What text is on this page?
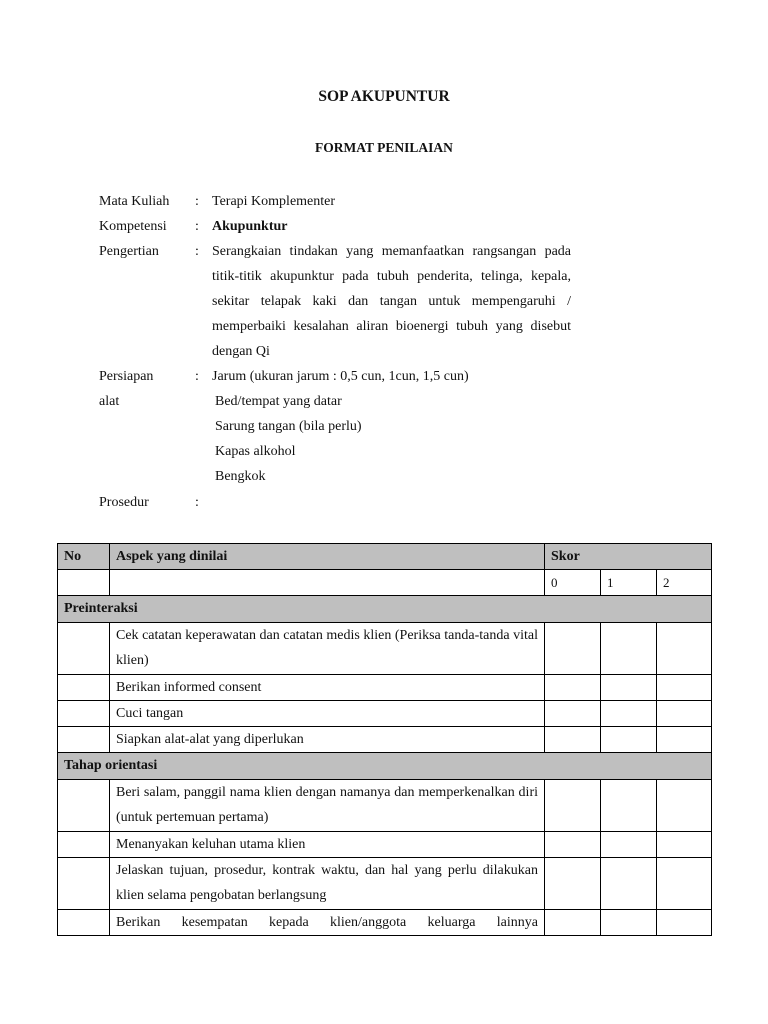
SOP AKUPUNTUR
FORMAT PENILAIAN
Mata Kuliah	: Terapi Komplementer
Kompetensi	: Akupunktur
Pengertian	: Serangkaian tindakan yang memanfaatkan rangsangan pada titik-titik akupunktur pada tubuh penderita, telinga, kepala, sekitar telapak kaki dan tangan untuk mempengaruhi / memperbaiki kesalahan aliran bioenergi tubuh yang disebut dengan Qi
Persiapan
alat
: Jarum (ukuran jarum : 0,5 cun, 1cun, 1,5 cun)
Bed/tempat yang datar
Sarung tangan (bila perlu)
Kapas alkohol
Bengkok
Prosedur	:
No	Aspek yang dinilai	Skor		
		0	1	2
Preinteraksi				
	Cek catatan keperawatan dan catatan medis klien (Periksa tanda-tanda vital klien)			
	Berikan informed consent			
	Cuci tangan			
	Siapkan alat-alat yang diperlukan			
Tahap orientasi				
	Beri salam, panggil nama klien dengan namanya dan memperkenalkan diri (untuk pertemuan pertama)			
	Menanyakan keluhan utama klien			
	Jelaskan tujuan, prosedur, kontrak waktu, dan hal yang perlu dilakukan klien selama pengobatan berlangsung			
	Berikan kesempatan kepada klien/anggota keluarga lainnya			
